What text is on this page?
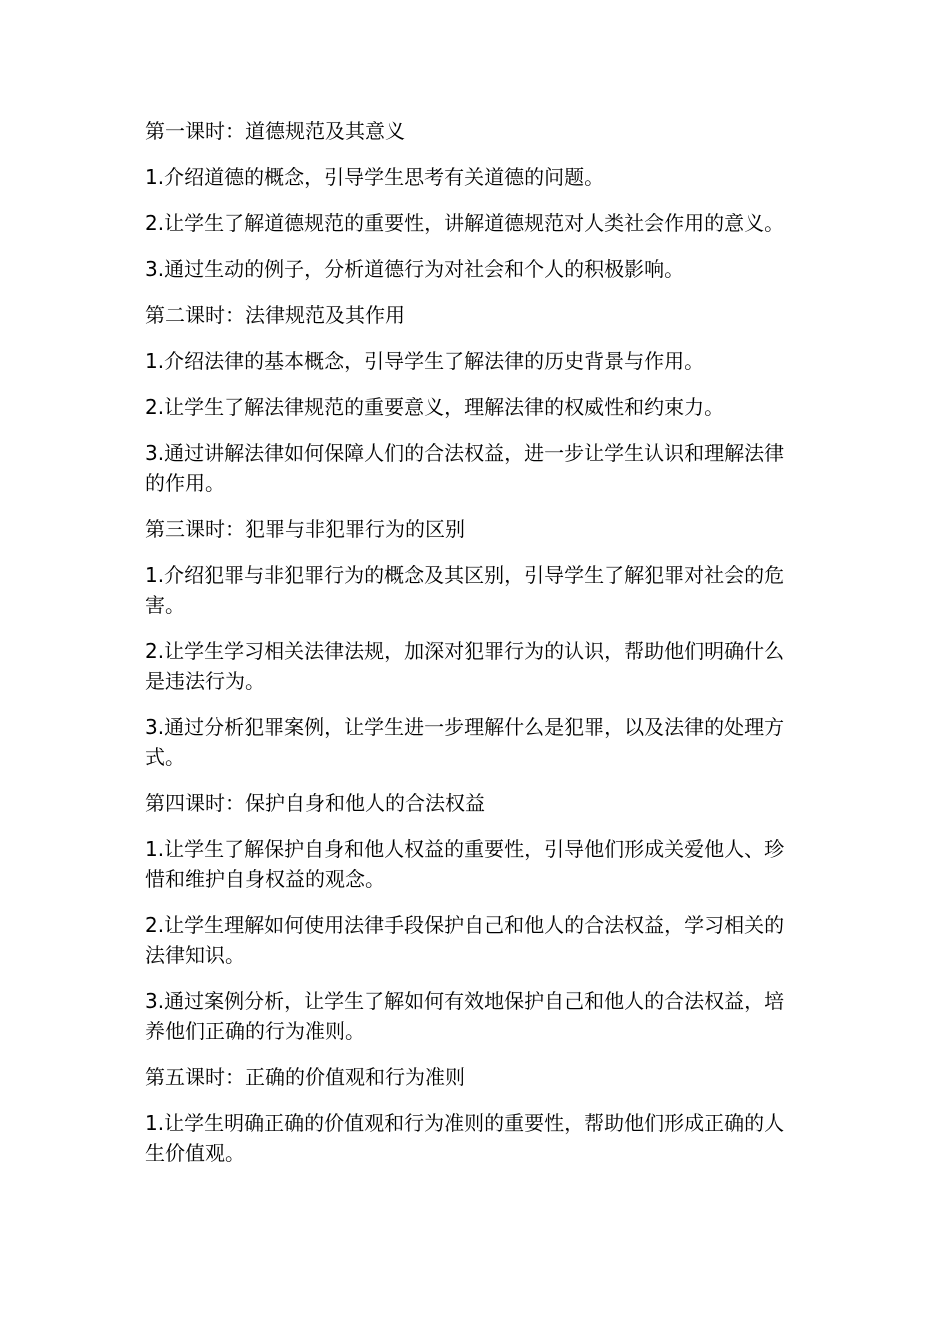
第一课时：道德规范及其意义

1.介绍道德的概念，引导学生思考有关道德的问题。

2.让学生了解道德规范的重要性，讲解道德规范对人类社会作用的意义。

3.通过生动的例子，分析道德行为对社会和个人的积极影响。

第二课时：法律规范及其作用

1.介绍法律的基本概念，引导学生了解法律的历史背景与作用。

2.让学生了解法律规范的重要意义，理解法律的权威性和约束力。

3.通过讲解法律如何保障人们的合法权益，进一步让学生认识和理解法律的作用。

第三课时：犯罪与非犯罪行为的区别

1.介绍犯罪与非犯罪行为的概念及其区别，引导学生了解犯罪对社会的危害。

2.让学生学习相关法律法规，加深对犯罪行为的认识，帮助他们明确什么是违法行为。

3.通过分析犯罪案例，让学生进一步理解什么是犯罪，以及法律的处理方式。

第四课时：保护自身和他人的合法权益

1.让学生了解保护自身和他人权益的重要性，引导他们形成关爱他人、珍惜和维护自身权益的观念。

2.让学生理解如何使用法律手段保护自己和他人的合法权益，学习相关的法律知识。

3.通过案例分析，让学生了解如何有效地保护自己和他人的合法权益，培养他们正确的行为准则。

第五课时：正确的价值观和行为准则

1.让学生明确正确的价值观和行为准则的重要性，帮助他们形成正确的人生价值观。
